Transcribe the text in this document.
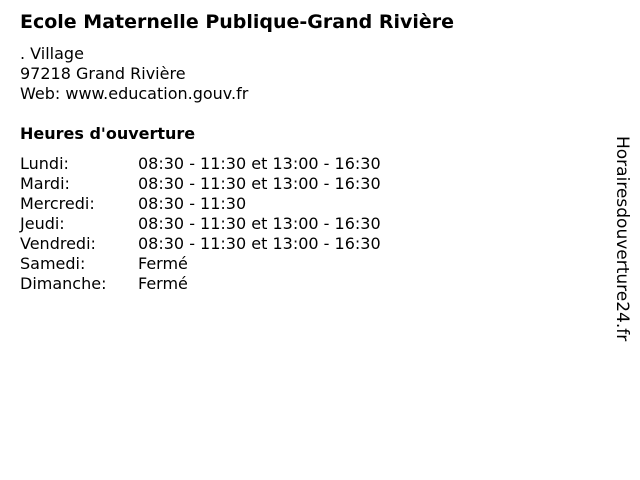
Ecole Maternelle Publique-Grand Rivière
. Village
97218 Grand Rivière
Web: www.education.gouv.fr
Heures d'ouverture
Lundi:	08:30 - 11:30 et 13:00 - 16:30
Mardi:	08:30 - 11:30 et 13:00 - 16:30
Mercredi:	08:30 - 11:30
Jeudi:	08:30 - 11:30 et 13:00 - 16:30
Vendredi:	08:30 - 11:30 et 13:00 - 16:30
Samedi:	Fermé
Dimanche:	Fermé	Horairesdouverture24.fr
